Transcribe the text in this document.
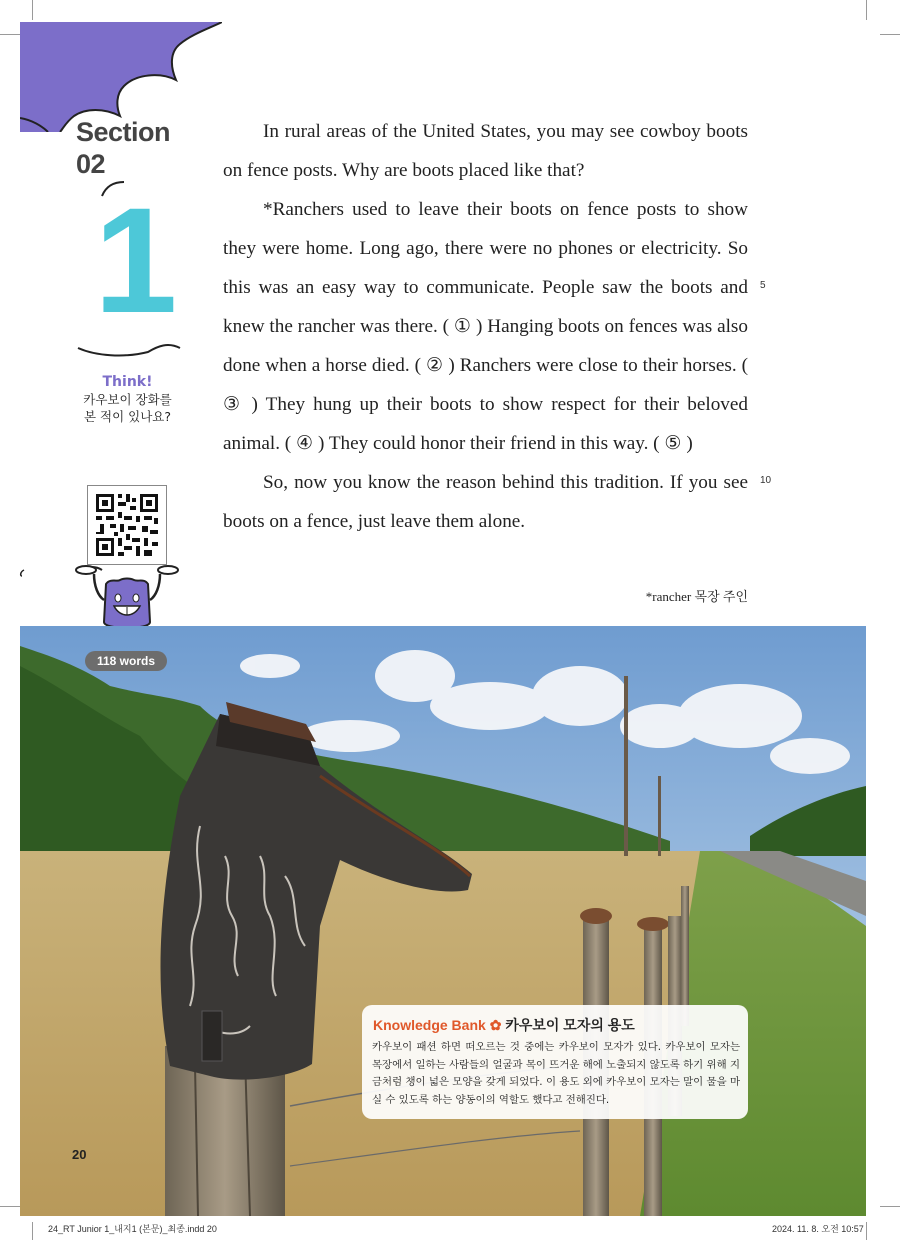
Section
02
1
Think!
카우보이 장화를
본 적이 있나요?

In rural areas of the United States, you may see cowboy boots on fence posts. Why are boots placed like that?

*Ranchers used to leave their boots on fence posts to show they were home. Long ago, there were no phones or electricity. So this was an easy way to communicate. People saw the boots and knew the rancher was there. ( ① ) Hanging boots on fences was also done when a horse died. ( ② ) Ranchers were close to their horses. ( ③ ) They hung up their boots to show respect for their beloved animal. ( ④ ) They could honor their friend in this way. ( ⑤ )

So, now you know the reason behind this tradition. If you see boots on a fence, just leave them alone.

5
10
*rancher 목장 주인
Knowledge Bank ✿ 카우보이 모자의 용도
카우보이 패션 하면 떠오르는 것 중에는 카우보이 모자가 있다. 카우보이 모자는 목장에서 일하는 사람들의 얼굴과 목이 뜨거운 해에 노출되지 않도록 하기 위해 지금처럼 챙이 넓은 모양을 갖게 되었다. 이 용도 외에 카우보이 모자는 말이 물을 마실 수 있도록 하는 양동이의 역할도 했다고 전해진다.
20
118 words
24_RT Junior 1_내지1 (본문)_최종.indd 20	2024. 11. 8. 오전 10:57
